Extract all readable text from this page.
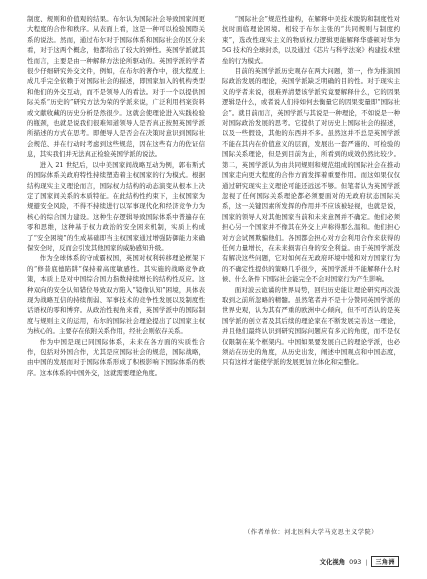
制度、规则和价值观的结果。布尔认为国际社会导致国家间更大程度的合作和秩序。从表面上看，这是一种可以检验国際关系的说法。然而，通过布尔对于国际体系和国际社会的区分来看，对于这两个概念，他都给出了较大的弹性。英国学派就其性而言，主要是由一种解释方法论所驱动的。英国学派的学者很少仔细研究外交文件，例如，在布尔的著作中，很大程度上成几乎完全依赖于对国际社会的描述，即国家加入的机构类型和他们的外交互动，而不是领导人的看法。对于一个以提供国际关系“历史的”研究方法为荣的学派来说，广泛利用档案资料或文献收藏的历史分析是然很少。这就会使理论进入实践检验的瓶颈，也就是说我们很难知道领导人是否真正按照英国学派所描述的方式在思考。即便导人是否会在决策时意识到国际社会规范、并在行动时考虑到这些规范，因在这些有力的佐证信息，其实我们并无法真正检验英国学派的说法。

进入 21 世纪后，以中美国家间战略互动为例，郭布斯式的国际体系关政府特性持续塑造着主权国家的行为模式。根据结构现实主义理论而言，国际权力结构的动态演变从根本上决定了国家间关系的本质特征。在此结构性约束下，主权国家为规避安全风险，不得不持续进行以军事现代化和经济竞争力为核心的综合国力建设。这种生存逻辑导致国际体系中普遍存在零和思维，这种基于权力政治的安全困来机制，实质上构成了“安全困境”的生成基础即当主权国家通过增强防御能力来确保安全时，反而会引发其他国家的威胁感知升级。

作为全球体系的守成霸权国，英国对权利转移理论框架下的“修昔底德陷阱”保持着高度敏感性。其实施的战略竞争政策，本质上是对中国综合国力指数持续增长的结构性反应。这种双向的安全认知错位导致双方陷入“镜像认知”困境，具体表现为战略互信的持续削弱、军事技术的竞争性发展以及制度性话语权的零和博弈。从政治性视角来看，英国学派中的国际制度与规则主义的运用，布尔的国际社会理论提出了以国家主权为核心的。主要存在依附关系作用，经社会则依存关系。

作为中国是现已同国际体系，未来在各方面的实质性合作，包括对外国合作，尤其是应国际社会的规范，国际战略，由中国的发展而对于国际体系形成了积极影响下国际体系的秩序。这本体系的中国外交，这就需要理论角度。

“国际社会”规范性建构，在解释中美技术脱钩和制度性对抗时面临理论困境。相较于布尔主张的“共同规则与制度约束”，选改性现实主义的物质权力逻辑更能解释华盛顿对华为 5G 技术的全球封杀，以及通过《芯片与科学法案》构建技术壁垒的行为模式。

目前的英国学派历史观存在两大问题，第一，作为推演国际政治发展的理论，英国学派缺乏明确的目的性。对于现实主义的学者来说，很难弄清楚该学派究竟要解释什么，它的因果逻辑是什么，或者说人们待如何去衡量它的因果变量即“国际社会”。就目前而言，英国学派与其说是一种理论，不如说是一种对国际政治发展的思考。它提供了对历史上国际社会的描述，以及一些假设，其他的东西并不多。虽然这并不总是英国学派不能在其内在价值意义的层面，发展出一套严谨的、可检验的国际关系理论，但是到目前为止，所看到的成效仍然比较少。第二，英国学派认为由共同规则和规范组成的国际社会在推动国家走向更大程度的合作方面发挥着重要作用。而这如果仅仅通过研究现实主义理论可能还远远不够。但笔者认为英国学派忽视了任何国际关系理论都必须要面对的无政府状态国际关系，这一关键因素所发挥的作用并不应该被轻视，也就是说，国家的领导人对其他国家当前和未来意图并不确定。他们必须担心另一个国家并不像其在外交上声称得那么温和。他们担心对方会试图欺骗他们。各国都会担心对方会利用合作来获得的任何力量增长，在未来损害自身的安全利益。由于英国学派没有解决这些问题，它对如何在无政府环境中缓和对方国家行为的不确定性提供的策略几乎很少，英国学派并不能解释什么时候、什么条件下国际社会能完全不会对国家行为产生影响。

面对波云诡谲的世界局势，回归历史能让理论研究再次汲取到之前所忽略的精髓。虽然笔者并不是十分赞同英国学派的世界史观，认为其有严重的欧洲中心倾向，但不可否认的是英国学派的创立者及其后续的理论家在不断发展完善这一理论，并且他们最终认识到研究国际问题应有多元的角度，而不是仅仅限制在某个框架内。中国如果要发展自己的理论学派，也必须站在历史的角度，从历史出发，阐述中国观点和中国态度，只有这样才能使学派的发展更加立体化和完整化。

（作者单位：河北医科大学马克思主义学院）
文化视角 093 |	三角洲
